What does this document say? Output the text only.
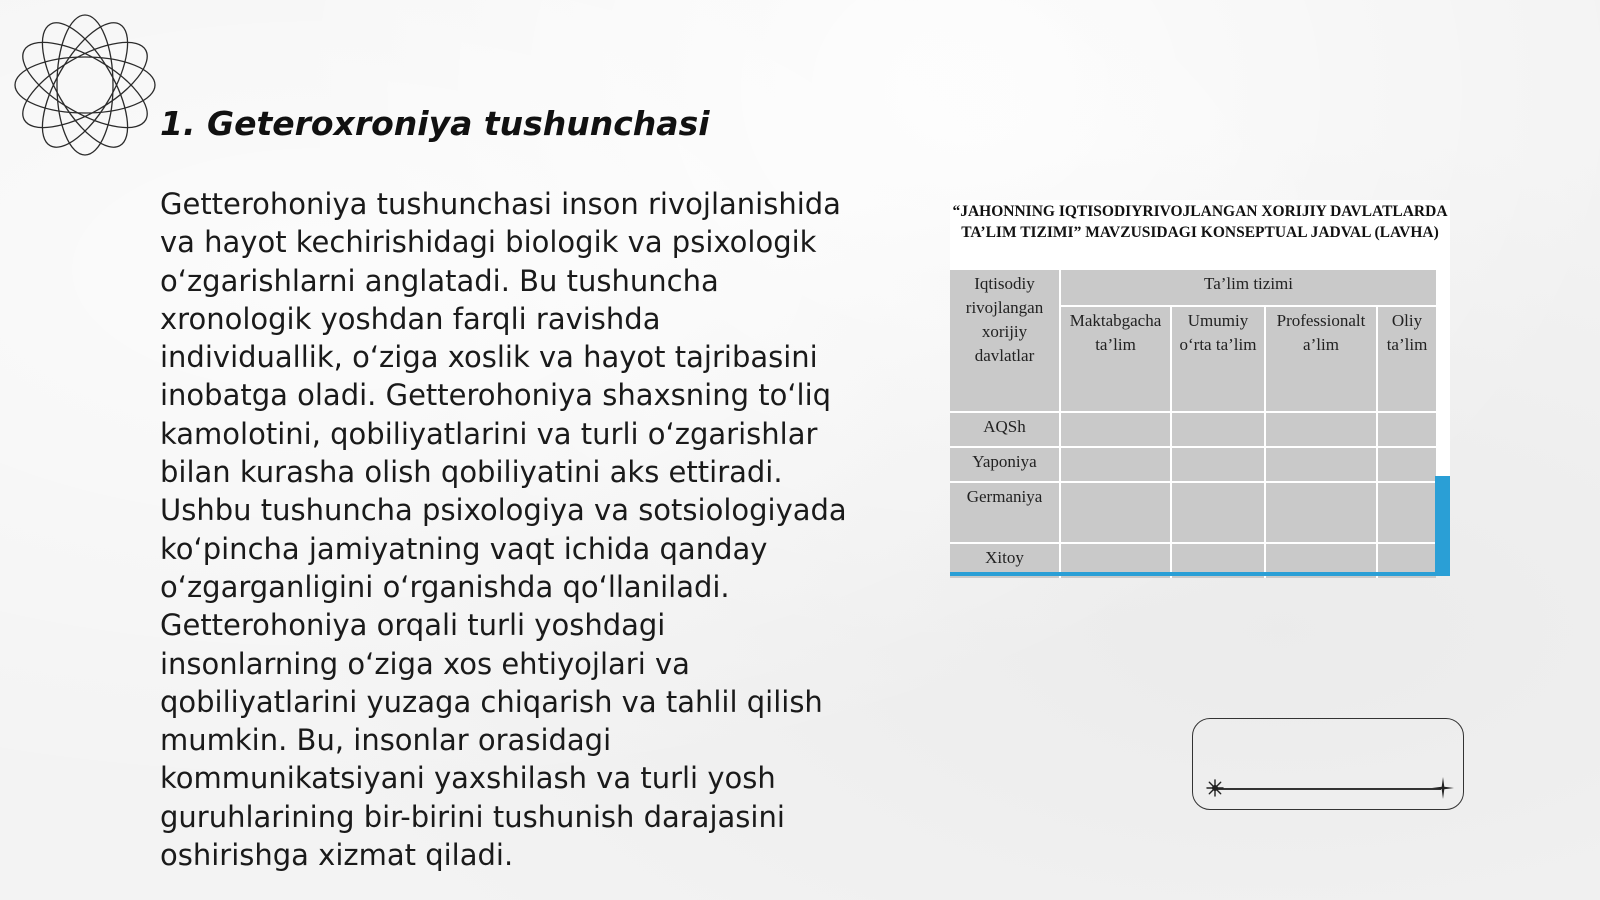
1. Geteroxroniya tushunchasi

Getterohoniya tushunchasi inson rivojlanishida va hayot kechirishidagi biologik va psixologik o‘zgarishlarni anglatadi. Bu tushuncha xronologik yoshdan farqli ravishda individuallik, o‘ziga xoslik va hayot tajribasini inobatga oladi. Getterohoniya shaxsning to‘liq kamolotini, qobiliyatlarini va turli o‘zgarishlar bilan kurasha olish qobiliyatini aks ettiradi. Ushbu tushuncha psixologiya va sotsiologiyada ko‘pincha jamiyatning vaqt ichida qanday o‘zgarganligini o‘rganishda qo‘llaniladi. Getterohoniya orqali turli yoshdagi insonlarning o‘ziga xos ehtiyojlari va qobiliyatlarini yuzaga chiqarish va tahlil qilish mumkin. Bu, insonlar orasidagi kommunikatsiyani yaxshilash va turli yosh guruhlarining bir-birini tushunish darajasini oshirishga xizmat qiladi.

“JAHONNING IQTISODIYRIVOJLANGAN XORIJIY DAVLATLARDA TA’LIM TIZIMI” MAVZUSIDAGI KONSEPTUAL JADVAL (LAVHA)
Iqtisodiy rivojlangan xorijiy davlatlar
Ta’lim tizimi
Maktabgacha ta’lim
Umumiy o‘rta ta’lim
Professionalt a’lim
Oliy ta’lim
AQSh
Yaponiya
Germaniya
Xitoy
